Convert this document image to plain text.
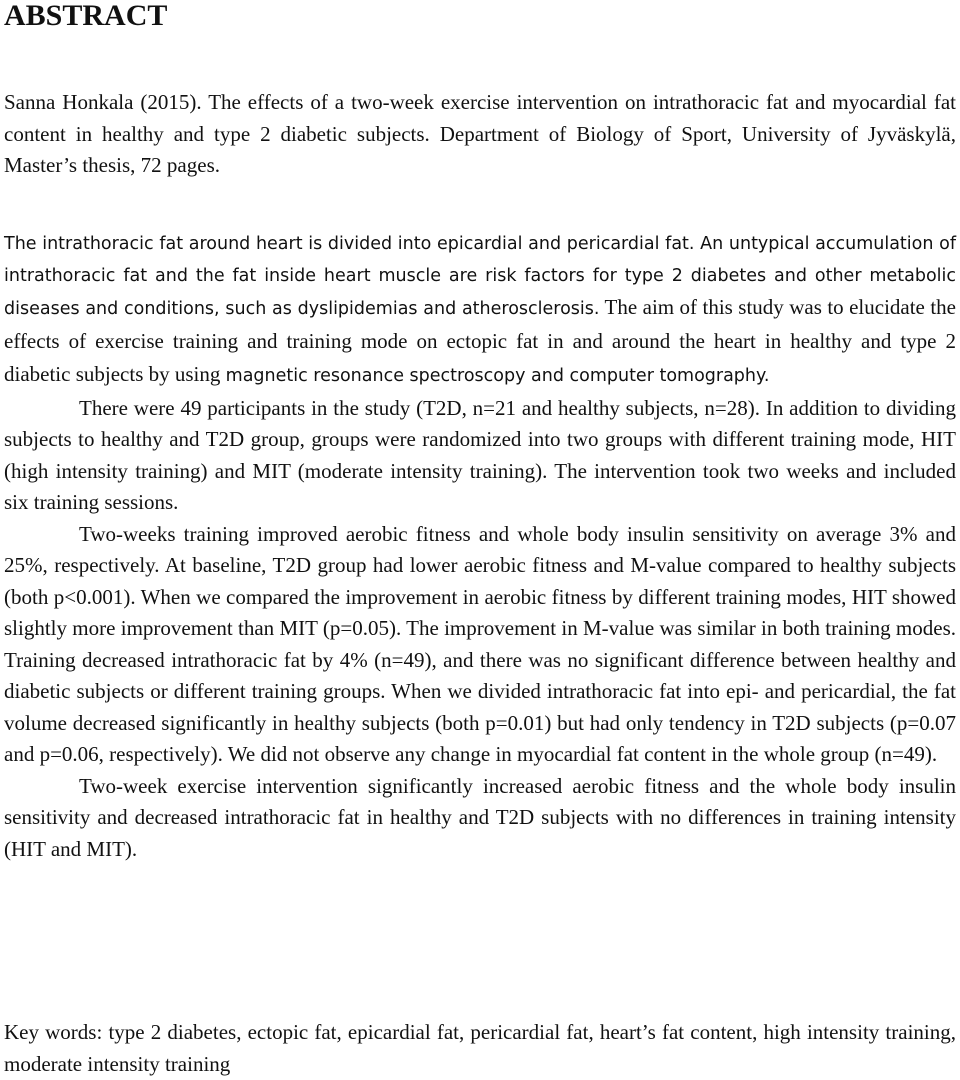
ABSTRACT

Sanna Honkala (2015). The effects of a two-week exercise intervention on intrathoracic fat and myocardial fat content in healthy and type 2 diabetic subjects. Department of Biology of Sport, University of Jyväskylä, Master’s thesis, 72 pages.

The intrathoracic fat around heart is divided into epicardial and pericardial fat. An untypical accumulation of intrathoracic fat and the fat inside heart muscle are risk factors for type 2 diabetes and other metabolic diseases and conditions, such as dyslipidemias and atherosclerosis. The aim of this study was to elucidate the effects of exercise training and training mode on ectopic fat in and around the heart in healthy and type 2 diabetic subjects by using magnetic resonance spectroscopy and computer tomography.

There were 49 participants in the study (T2D, n=21 and healthy subjects, n=28). In addition to dividing subjects to healthy and T2D group, groups were randomized into two groups with different training mode, HIT (high intensity training) and MIT (moderate intensity training). The intervention took two weeks and included six training sessions.

Two-weeks training improved aerobic fitness and whole body insulin sensitivity on average 3% and 25%, respectively. At baseline, T2D group had lower aerobic fitness and M-value compared to healthy subjects (both p<0.001). When we compared the improvement in aerobic fitness by different training modes, HIT showed slightly more improvement than MIT (p=0.05). The improvement in M-value was similar in both training modes. Training decreased intrathoracic fat by 4% (n=49), and there was no significant difference between healthy and diabetic subjects or different training groups. When we divided intrathoracic fat into epi- and pericardial, the fat volume decreased significantly in healthy subjects (both p=0.01) but had only tendency in T2D subjects (p=0.07 and p=0.06, respectively). We did not observe any change in myocardial fat content in the whole group (n=49).

Two-week exercise intervention significantly increased aerobic fitness and the whole body insulin sensitivity and decreased intrathoracic fat in healthy and T2D subjects with no differences in training intensity (HIT and MIT).

Key words: type 2 diabetes, ectopic fat, epicardial fat, pericardial fat, heart’s fat content, high intensity training, moderate intensity training
